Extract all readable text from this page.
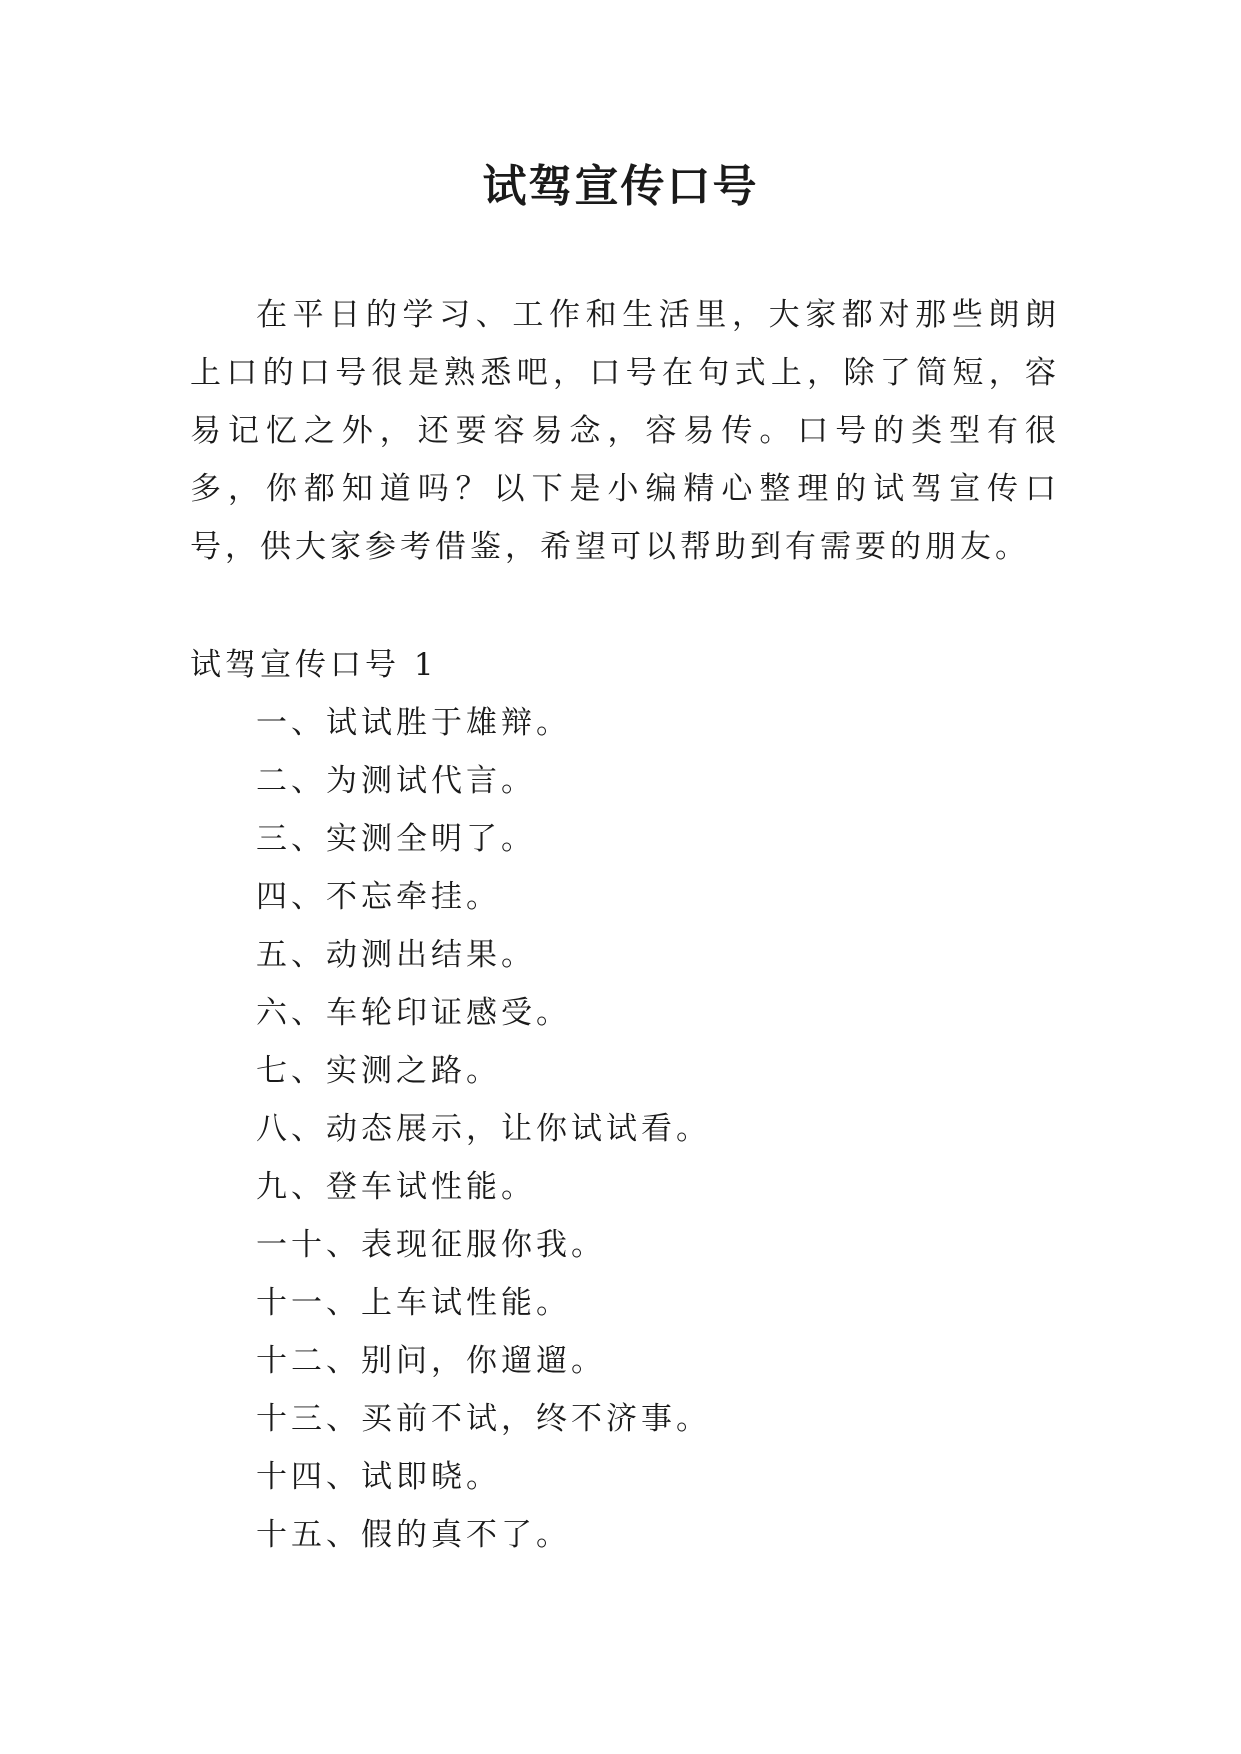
试驾宣传口号

在平日的学习、工作和生活里，大家都对那些朗朗上口的口号很是熟悉吧，口号在句式上，除了简短，容易记忆之外，还要容易念，容易传。口号的类型有很多，你都知道吗？以下是小编精心整理的试驾宣传口号，供大家参考借鉴，希望可以帮助到有需要的朋友。

试驾宣传口号 1

一、试试胜于雄辩。
二、为测试代言。
三、实测全明了。
四、不忘牵挂。
五、动测出结果。
六、车轮印证感受。
七、实测之路。
八、动态展示，让你试试看。
九、登车试性能。
一十、表现征服你我。
十一、上车试性能。
十二、别问，你遛遛。
十三、买前不试，终不济事。
十四、试即晓。
十五、假的真不了。
